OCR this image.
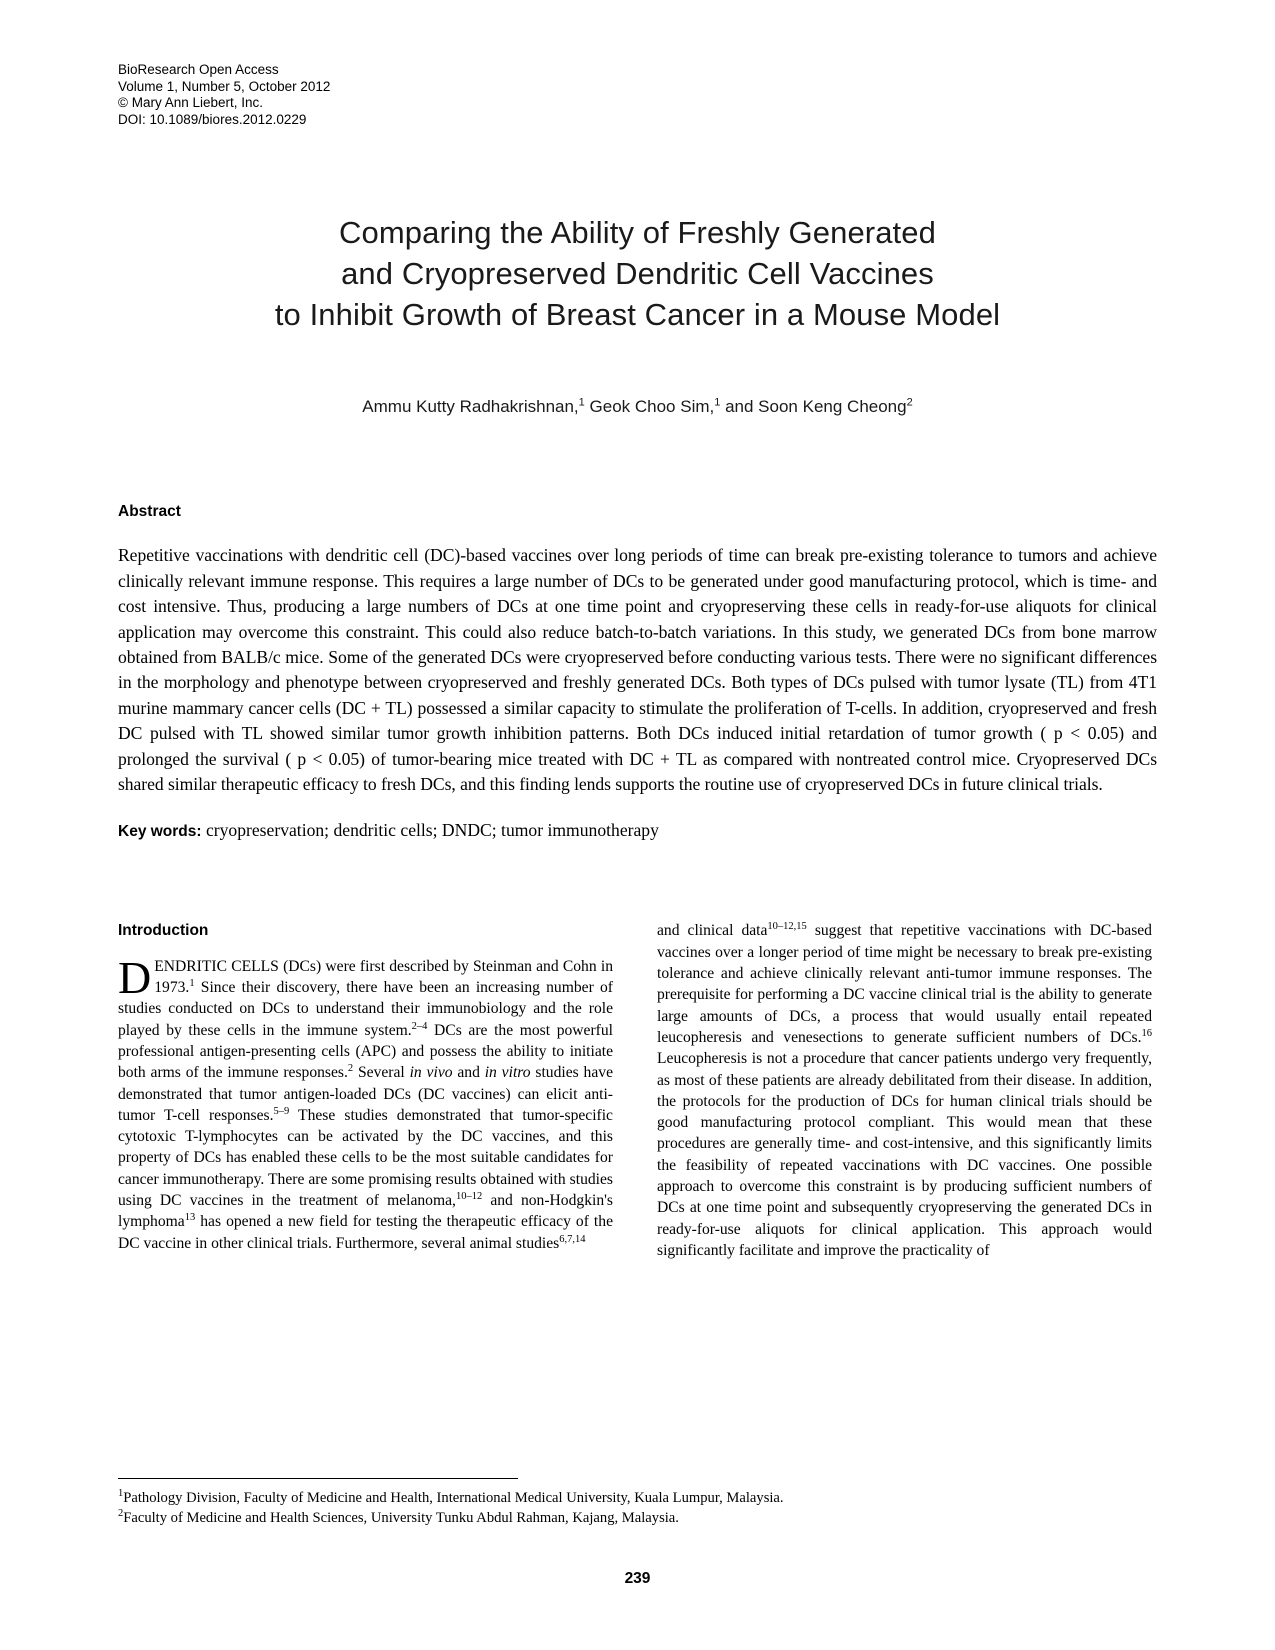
BioResearch Open Access
Volume 1, Number 5, October 2012
© Mary Ann Liebert, Inc.
DOI: 10.1089/biores.2012.0229
Comparing the Ability of Freshly Generated
and Cryopreserved Dendritic Cell Vaccines
to Inhibit Growth of Breast Cancer in a Mouse Model
Ammu Kutty Radhakrishnan,$^1$ Geok Choo Sim,$^1$ and Soon Keng Cheong$^2$
Abstract
Repetitive vaccinations with dendritic cell (DC)-based vaccines over long periods of time can break pre-existing tolerance to tumors and achieve clinically relevant immune response. This requires a large number of DCs to be generated under good manufacturing protocol, which is time- and cost intensive. Thus, producing a large numbers of DCs at one time point and cryopreserving these cells in ready-for-use aliquots for clinical application may overcome this constraint. This could also reduce batch-to-batch variations. In this study, we generated DCs from bone marrow obtained from BALB/c mice. Some of the generated DCs were cryopreserved before conducting various tests. There were no significant differences in the morphology and phenotype between cryopreserved and freshly generated DCs. Both types of DCs pulsed with tumor lysate (TL) from 4T1 murine mammary cancer cells (DC + TL) possessed a similar capacity to stimulate the proliferation of T-cells. In addition, cryopreserved and fresh DC pulsed with TL showed similar tumor growth inhibition patterns. Both DCs induced initial retardation of tumor growth ( p < 0.05) and prolonged the survival ( p < 0.05) of tumor-bearing mice treated with DC + TL as compared with nontreated control mice. Cryopreserved DCs shared similar therapeutic efficacy to fresh DCs, and this finding lends supports the routine use of cryopreserved DCs in future clinical trials.
Key words: cryopreservation; dendritic cells; DNDC; tumor immunotherapy
Introduction

DENDRITIC CELLS (DCs) were first described by Steinman and Cohn in 1973.$^1$ Since their discovery, there have been an increasing number of studies conducted on DCs to understand their immunobiology and the role played by these cells in the immune system.$^{2-4}$ DCs are the most powerful professional antigen-presenting cells (APC) and possess the ability to initiate both arms of the immune responses.$^2$ Several in vivo and in vitro studies have demonstrated that tumor antigen-loaded DCs (DC vaccines) can elicit anti-tumor T-cell responses.$^{5-9}$ These studies demonstrated that tumor-specific cytotoxic T-lymphocytes can be activated by the DC vaccines, and this property of DCs has enabled these cells to be the most suitable candidates for cancer immunotherapy. There are some promising results obtained with studies using DC vaccines in the treatment of melanoma,$^{10-12}$ and non-Hodgkin's lymphoma$^{13}$ has opened a new field for testing the therapeutic efficacy of the DC vaccine in other clinical trials. Furthermore, several animal studies$^{6,7,14}$

and clinical data$^{10-12,15}$ suggest that repetitive vaccinations with DC-based vaccines over a longer period of time might be necessary to break pre-existing tolerance and achieve clinically relevant anti-tumor immune responses. The prerequisite for performing a DC vaccine clinical trial is the ability to generate large amounts of DCs, a process that would usually entail repeated leucopheresis and venesections to generate sufficient numbers of DCs.$^{16}$ Leucopheresis is not a procedure that cancer patients undergo very frequently, as most of these patients are already debilitated from their disease. In addition, the protocols for the production of DCs for human clinical trials should be good manufacturing protocol compliant. This would mean that these procedures are generally time- and cost-intensive, and this significantly limits the feasibility of repeated vaccinations with DC vaccines. One possible approach to overcome this constraint is by producing sufficient numbers of DCs at one time point and subsequently cryopreserving the generated DCs in ready-for-use aliquots for clinical application. This approach would significantly facilitate and improve the practicality of

$^1$Pathology Division, Faculty of Medicine and Health, International Medical University, Kuala Lumpur, Malaysia.
$^2$Faculty of Medicine and Health Sciences, University Tunku Abdul Rahman, Kajang, Malaysia.
239
